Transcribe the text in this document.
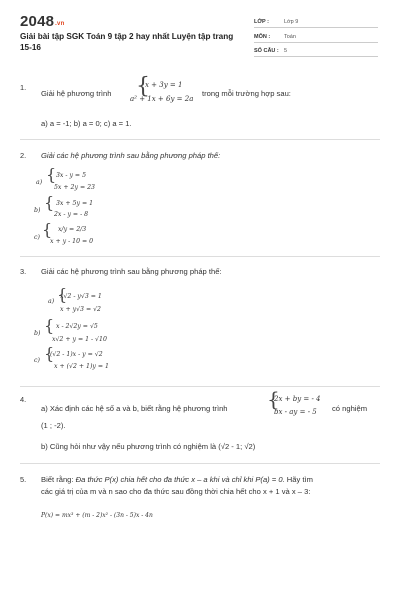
2048.vn
Giải bài tập SGK Toán 9 tập 2 hay nhất Luyện tập trang 15-16
LỚP :	Lớp 9
MÔN :	Toán
SỐ CÂU : 5
1.
Giải hệ phương trình {
x + 3y = 1
a² + 1x + 6y = 2a
trong mỗi trường hợp sau:
a) a = -1; b) a = 0; c) a = 1.
2. Giải các hệ phương trình sau bằng phương pháp thế:
a) { 3x - y = 5
5x + 2y = 23
b) { 3x + 5y = 1
2x - y = - 8
c) { x/y = 2/3
x + y - 10 = 0
3. Giải các hệ phương trình sau bằng phương pháp thế:
a) {
x√2 - y√3 = 1
x + y√3 = √2
b) { x - 2√2y = √5
x√2 + y = 1 - √10
c) {
(√2 - 1)x - y = √2
x + (√2 + 1)y = 1
4.
a) Xác định các hệ số a và b, biết rằng hệ phương trình {
2x + by = - 4
bx - ay = - 5 có nghiệm
(1 ; -2).
b) Cũng hỏi như vậy nếu phương trình có nghiệm là (√2 - 1; √2)
5. Biết rằng: Đa thức P(x) chia hết cho đa thức x – a khi và chỉ khi P(a) = 0. Hãy tìm
các giá trị của m và n sao cho đa thức sau đồng thời chia hết cho x + 1 và x – 3:
P(x) = mx³ + (m - 2)x² - (3n - 5)x - 4n
